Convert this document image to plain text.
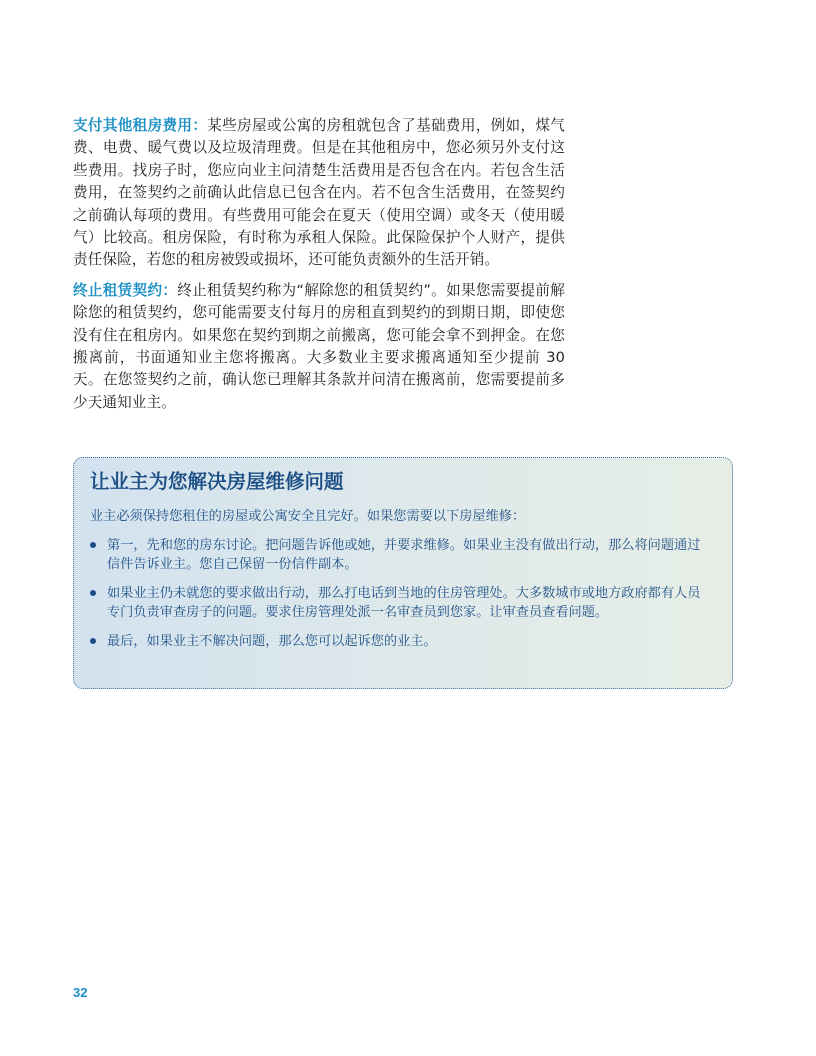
支付其他租房费用：某些房屋或公寓的房租就包含了基础费用，例如，煤气费、电费、暖气费以及垃圾清理费。但是在其他租房中，您必须另外支付这些费用。找房子时，您应向业主问清楚生活费用是否包含在内。若包含生活费用，在签契约之前确认此信息已包含在内。若不包含生活费用，在签契约之前确认每项的费用。有些费用可能会在夏天（使用空调）或冬天（使用暖气）比较高。租房保险，有时称为承租人保险。此保险保护个人财产，提供责任保险，若您的租房被毁或损坏，还可能负责额外的生活开销。

终止租赁契约：终止租赁契约称为“解除您的租赁契约”。如果您需要提前解除您的租赁契约，您可能需要支付每月的房租直到契约的到期日期，即使您没有住在租房内。如果您在契约到期之前搬离，您可能会拿不到押金。在您搬离前，书面通知业主您将搬离。大多数业主要求搬离通知至少提前 30 天。在您签契约之前，确认您已理解其条款并问清在搬离前，您需要提前多少天通知业主。

让业主为您解决房屋维修问题

业主必须保持您租住的房屋或公寓安全且完好。如果您需要以下房屋维修：

第一，先和您的房东讨论。把问题告诉他或她，并要求维修。如果业主没有做出行动，那么将问题通过信件告诉业主。您自己保留一份信件副本。
如果业主仍未就您的要求做出行动，那么打电话到当地的住房管理处。大多数城市或地方政府都有人员专门负责审查房子的问题。要求住房管理处派一名审查员到您家。让审查员查看问题。
最后，如果业主不解决问题，那么您可以起诉您的业主。
32
